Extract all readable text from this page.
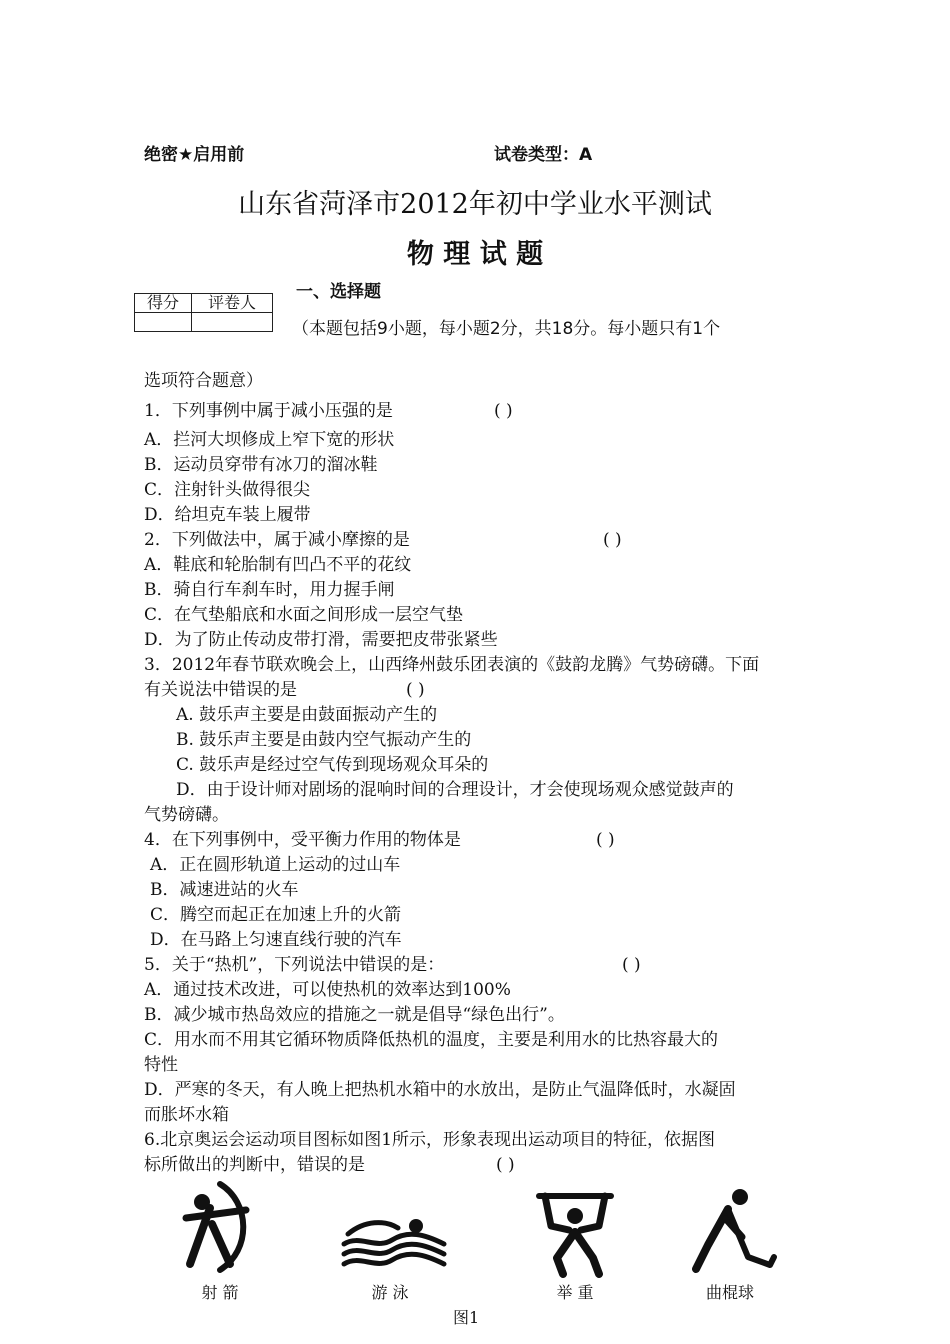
绝密★启用前	试卷类型：A
山东省菏泽市2012年初中学业水平测试
物 理 试 题
得分	评卷人

一、选择题
（本题包括9小题，每小题2分，共18分。每小题只有1个
选项符合题意）
1．下列事例中属于减小压强的是	( )
A．拦河大坝修成上窄下宽的形状
B．运动员穿带有冰刀的溜冰鞋
C．注射针头做得很尖
D．给坦克车装上履带
2．下列做法中，属于减小摩擦的是	( )
A．鞋底和轮胎制有凹凸不平的花纹
B．骑自行车刹车时，用力握手闸
C．在气垫船底和水面之间形成一层空气垫
D．为了防止传动皮带打滑，需要把皮带张紧些
3．2012年春节联欢晚会上，山西绛州鼓乐团表演的《鼓韵龙腾》气势磅礴。下面
有关说法中错误的是	( )
A. 鼓乐声主要是由鼓面振动产生的
B. 鼓乐声主要是由鼓内空气振动产生的
C. 鼓乐声是经过空气传到现场观众耳朵的
D．由于设计师对剧场的混响时间的合理设计，才会使现场观众感觉鼓声的
气势磅礴。
4．在下列事例中，受平衡力作用的物体是	( )
A．正在圆形轨道上运动的过山车
B．减速进站的火车
C．腾空而起正在加速上升的火箭
D．在马路上匀速直线行驶的汽车
5．关于“热机”，下列说法中错误的是：	( )
A．通过技术改进，可以使热机的效率达到100%
B．减少城市热岛效应的措施之一就是倡导“绿色出行”。
C．用水而不用其它循环物质降低热机的温度，主要是利用水的比热容最大的
特性
D．严寒的冬天，有人晚上把热机水箱中的水放出，是防止气温降低时，水凝固
而胀坏水箱
6.北京奥运会运动项目图标如图1所示，形象表现出运动项目的特征，依据图
标所做出的判断中，错误的是	( )
射 箭	游 泳	举 重	曲棍球
图1
